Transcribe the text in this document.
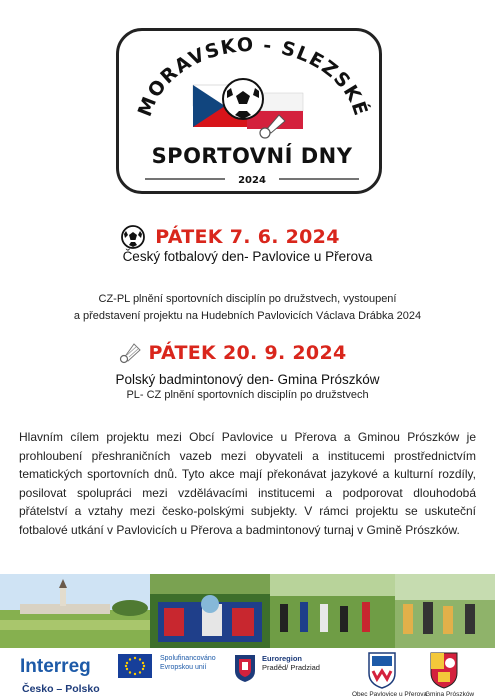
MORAVSKO - SLEZSKÉ
SPORTOVNÍ DNY
2024
PÁTEK 7. 6. 2024
Český fotbalový den- Pavlovice u Přerova
CZ-PL plnění sportovních disciplín po družstvech, vystoupení
a představení projektu na Hudebních Pavlovicích Václava Drábka 2024
PÁTEK 20. 9. 2024
Polský badmintonový den- Gmina Prószków
PL- CZ plnění sportovních disciplín po družstvech
Hlavním cílem projektu mezi Obcí Pavlovice u Přerova a Gminou Prószków je prohloubení přeshraničních vazeb mezi obyvateli a institucemi prostřednictvím tematických sportovních dnů. Tyto akce mají překonávat jazykové a kulturní rozdíly, posilovat spolupráci mezi vzdělávacími institucemi a podporovat dlouhodobá přátelství a vztahy mezi česko-polskými subjekty. V rámci projektu se uskuteční fotbalové utkání v Pavlovicích u Přerova a badmintonový turnaj v Gmině Prószków.
Interreg
Česko – Polsko
Spolufinancováno
Evropskou unií
Euroregion
Praděd/ Pradziad
Obec Pavlovice u Přerova
Gmina Prószków
